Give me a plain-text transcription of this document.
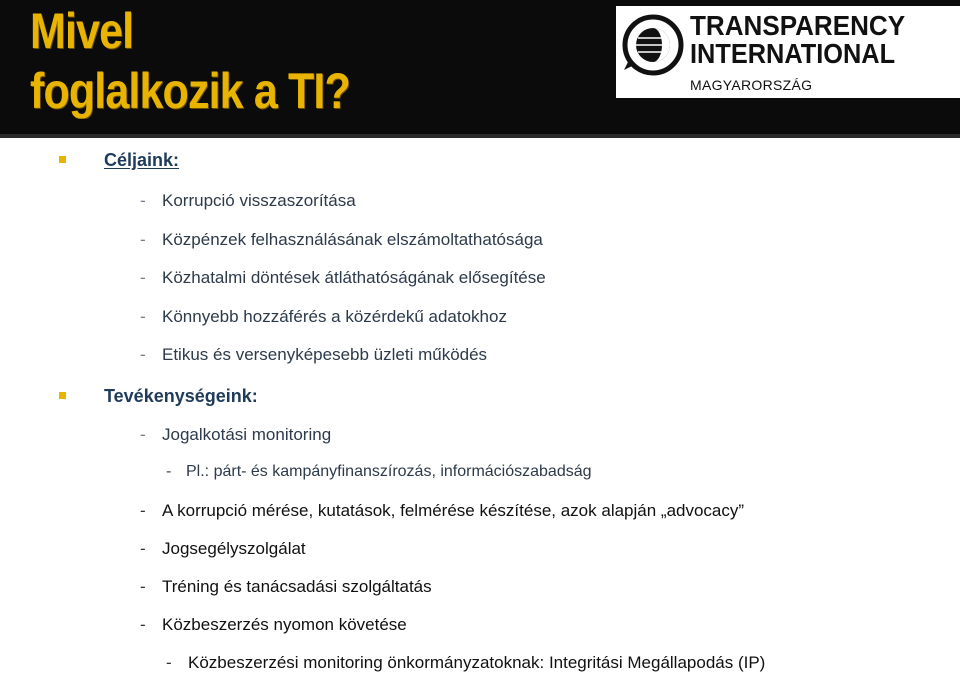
Mivel
foglalkozik a TI?
TRANSPARENCY
INTERNATIONAL
MAGYARORSZÁG
Céljaink:
- Korrupció visszaszorítása
- Közpénzek felhasználásának elszámoltathatósága
- Közhatalmi döntések átláthatóságának elősegítése
- Könnyebb hozzáférés a közérdekű adatokhoz
- Etikus és versenyképesebb üzleti működés
Tevékenységeink:
- Jogalkotási monitoring
- Pl.: párt- és kampányfinanszírozás, információszabadság
- A korrupció mérése, kutatások, felmérése készítése, azok alapján „advocacy”
- Jogsegélyszolgálat
- Tréning és tanácsadási szolgáltatás
- Közbeszerzés nyomon követése
- Közbeszerzési monitoring önkormányzatoknak: Integritási Megállapodás (IP)
